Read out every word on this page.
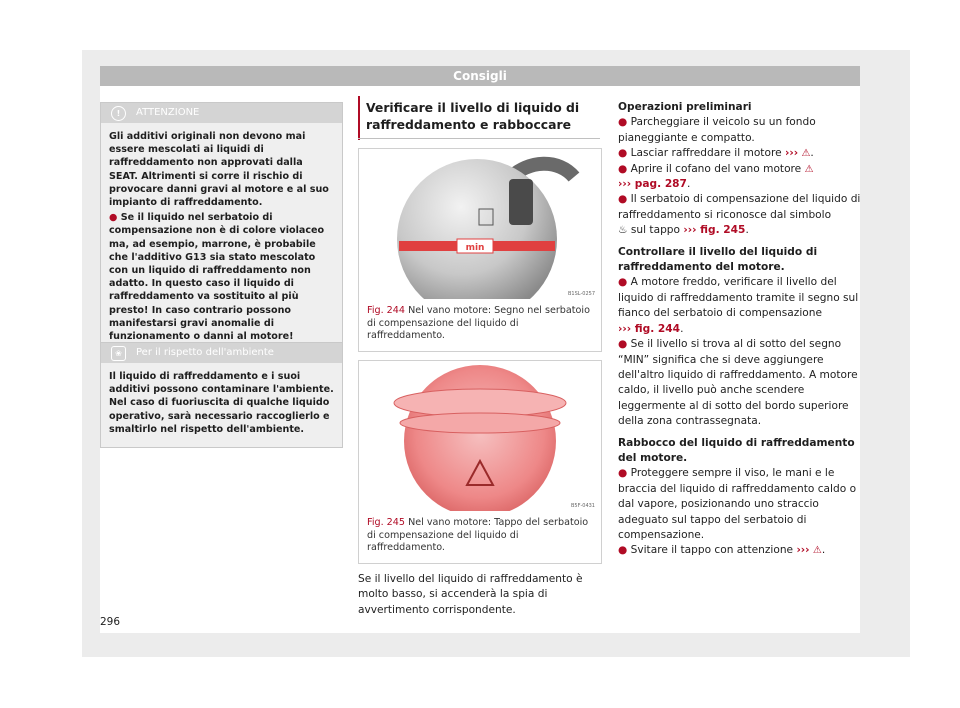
Consigli
!	ATTENZIONE

Gli additivi originali non devono mai essere mescolati ai liquidi di raffreddamento non approvati dalla SEAT. Altrimenti si corre il rischio di provocare danni gravi al motore e al suo impianto di raffreddamento.

● Se il liquido nel serbatoio di compensazione non è di colore violaceo ma, ad esempio, marrone, è probabile che l'additivo G13 sia stato mescolato con un liquido di raffreddamento non adatto. In questo caso il liquido di raffreddamento va sostituito al più presto! In caso contrario possono manifestarsi gravi anomalie di funzionamento o danni al motore!

❀	Per il rispetto dell'ambiente

Il liquido di raffreddamento e i suoi additivi possono contaminare l'ambiente. Nel caso di fuoriuscita di qualche liquido operativo, sarà necessario raccoglierlo e smaltirlo nel rispetto dell'ambiente.

Verificare il livello di liquido di raffreddamento e rabboccare
min
B1SL-0257
Fig. 244 Nel vano motore: Segno nel serbatoio di compensazione del liquido di raffreddamento.
B5F-0431
Fig. 245 Nel vano motore: Tappo del serbatoio di compensazione del liquido di raffreddamento.
Se il livello del liquido di raffreddamento è molto basso, si accenderà la spia di avvertimento corrispondente.

Operazioni preliminari

● Parcheggiare il veicolo su un fondo pianeggiante e compatto.

● Lasciar raffreddare il motore ››› ⚠.

● Aprire il cofano del vano motore ⚠
››› pag. 287.

● Il serbatoio di compensazione del liquido di raffreddamento si riconosce dal simbolo
♨ sul tappo ››› fig. 245.

Controllare il livello del liquido di raffreddamento del motore.

● A motore freddo, verificare il livello del liquido di raffreddamento tramite il segno sul fianco del serbatoio di compensazione
››› fig. 244.

● Se il livello si trova al di sotto del segno “MIN” significa che si deve aggiungere dell'altro liquido di raffreddamento. A motore caldo, il livello può anche scendere leggermente al di sotto del bordo superiore della zona contrassegnata.

Rabbocco del liquido di raffreddamento del motore.

● Proteggere sempre il viso, le mani e le braccia del liquido di raffreddamento caldo o dal vapore, posizionando uno straccio adeguato sul tappo del serbatoio di compensazione.

● Svitare il tappo con attenzione ››› ⚠.

296
